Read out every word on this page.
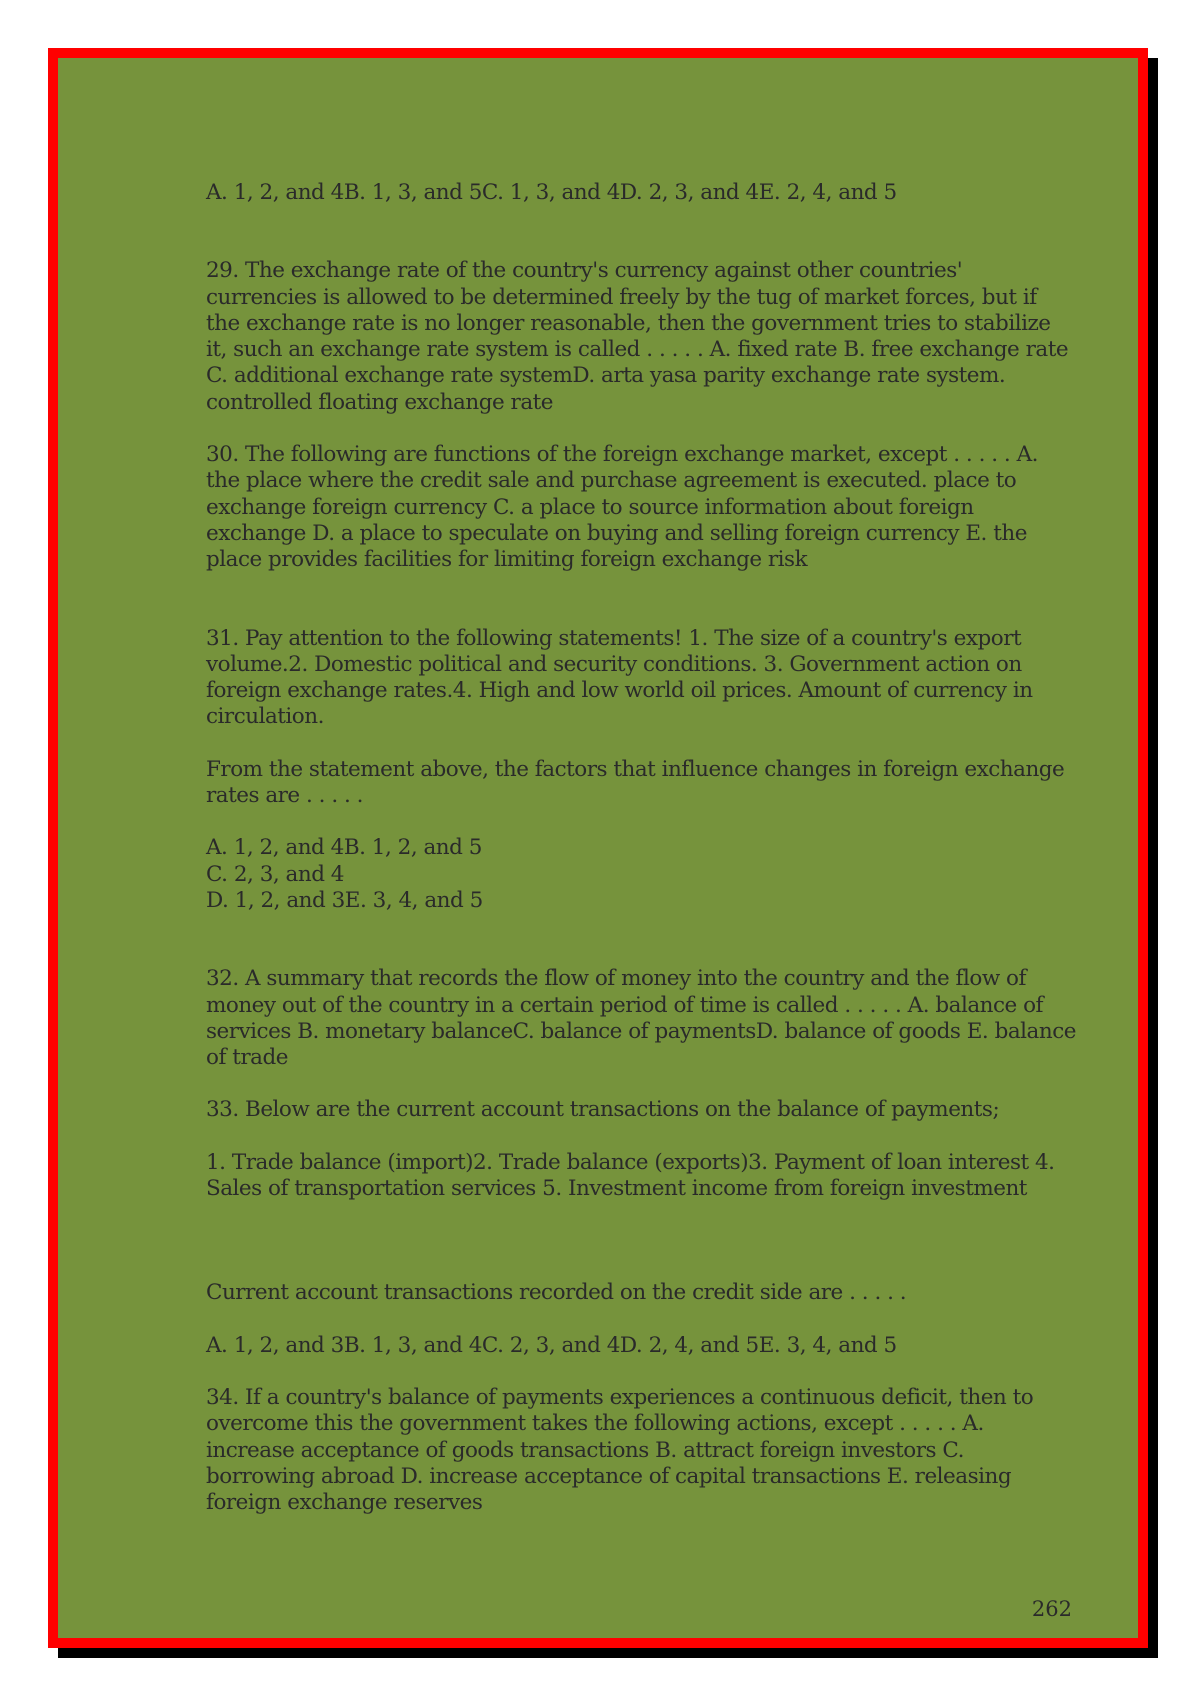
A. 1, 2, and 4B. 1, 3, and 5C. 1, 3, and 4D. 2, 3, and 4E. 2, 4, and 5

29. The exchange rate of the country's currency against other countries' currencies is allowed to be determined freely by the tug of market forces, but if the exchange rate is no longer reasonable, then the government tries to stabilize it, such an exchange rate system is called . . . . . A. fixed rate B. free exchange rate C. additional exchange rate systemD. arta yasa parity exchange rate system. controlled floating exchange rate

30. The following are functions of the foreign exchange market, except . . . . . A. the place where the credit sale and purchase agreement is executed. place to exchange foreign currency C. a place to source information about foreign exchange D. a place to speculate on buying and selling foreign currency E. the place provides facilities for limiting foreign exchange risk

31. Pay attention to the following statements! 1. The size of a country's export volume.2. Domestic political and security conditions. 3. Government action on foreign exchange rates.4. High and low world oil prices. Amount of currency in circulation.

From the statement above, the factors that influence changes in foreign exchange rates are . . . . .

A. 1, 2, and 4B. 1, 2, and 5
C. 2, 3, and 4
D. 1, 2, and 3E. 3, 4, and 5

32. A summary that records the flow of money into the country and the flow of money out of the country in a certain period of time is called . . . . . A. balance of services B. monetary balanceC. balance of paymentsD. balance of goods E. balance of trade

33. Below are the current account transactions on the balance of payments;

1. Trade balance (import)2. Trade balance (exports)3. Payment of loan interest 4. Sales of transportation services 5. Investment income from foreign investment

Current account transactions recorded on the credit side are . . . . .

A. 1, 2, and 3B. 1, 3, and 4C. 2, 3, and 4D. 2, 4, and 5E. 3, 4, and 5

34. If a country's balance of payments experiences a continuous deficit, then to overcome this the government takes the following actions, except . . . . . A. increase acceptance of goods transactions B. attract foreign investors C. borrowing abroad D. increase acceptance of capital transactions E. releasing foreign exchange reserves

262
